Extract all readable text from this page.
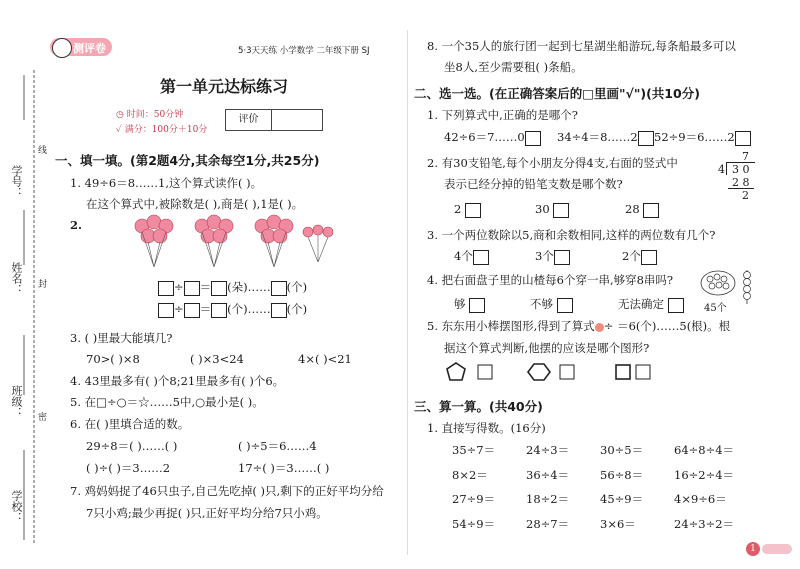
学号：
姓名：
班级：
学校：
线
封
密
测评卷	5·3天天练 小学数学 二年级下册 SJ
第一单元达标练习
◷ 时间：50分钟
✓ 满分：100分＋10分
评价
一、填一填。(第2题4分,其余每空1分,共25分)
1. 49÷6＝8……1,这个算式读作( )。
在这个算式中,被除数是( ),商是( ),1是( )。
2.
÷ ＝ (朵)…… (个)
÷ ＝ (个)…… (个)
3. ( )里最大能填几?
70>( )×8	( )×3<24	4×( )<21
4. 43里最多有( )个8;21里最多有( )个6。
5. 在□÷○＝☆……5中,○最小是( )。
6. 在( )里填合适的数。
29÷8＝( )……( )	( )÷5＝6……4
( )÷( )＝3……2	17÷( )＝3……( )
7. 鸡妈妈捉了46只虫子,自己先吃掉( )只,剩下的正好平均分给
7只小鸡;最少再捉( )只,正好平均分给7只小鸡。
8. 一个35人的旅行团一起到七星湖坐船游玩,每条船最多可以
坐8人,至少需要租( )条船。
二、选一选。(在正确答案后的□里画"√")(共10分)
1. 下列算式中,正确的是哪个?
42÷6＝7……0	34÷4＝8……2	52÷9＝6……2
2. 有30支铅笔,每个小朋友分得4支,右面的竖式中
表示已经分掉的铅笔支数是哪个数?
2	30	28
7
4 3 0
2 8
2
3. 一个两位数除以5,商和余数相同,这样的两位数有几个?
4个	3个	2个
4. 把右面盘子里的山楂每6个穿一串,够穿8串吗?
够	不够	无法确定	45个
5. 东东用小棒摆图形,得到了算式 ÷ ＝6(个)……5(根)。根
据这个算式判断,他摆的应该是哪个图形?
三、算一算。(共40分)
1. 直接写得数。(16分)
35÷7＝	24÷3＝	30÷5＝	64÷8÷4＝
8×2＝	36÷4＝	56÷8＝	16÷2÷4＝
27÷9＝	18÷2＝	45÷9＝	4×9÷6＝
54÷9＝	28÷7＝	3×6＝	24÷3÷2＝
1
